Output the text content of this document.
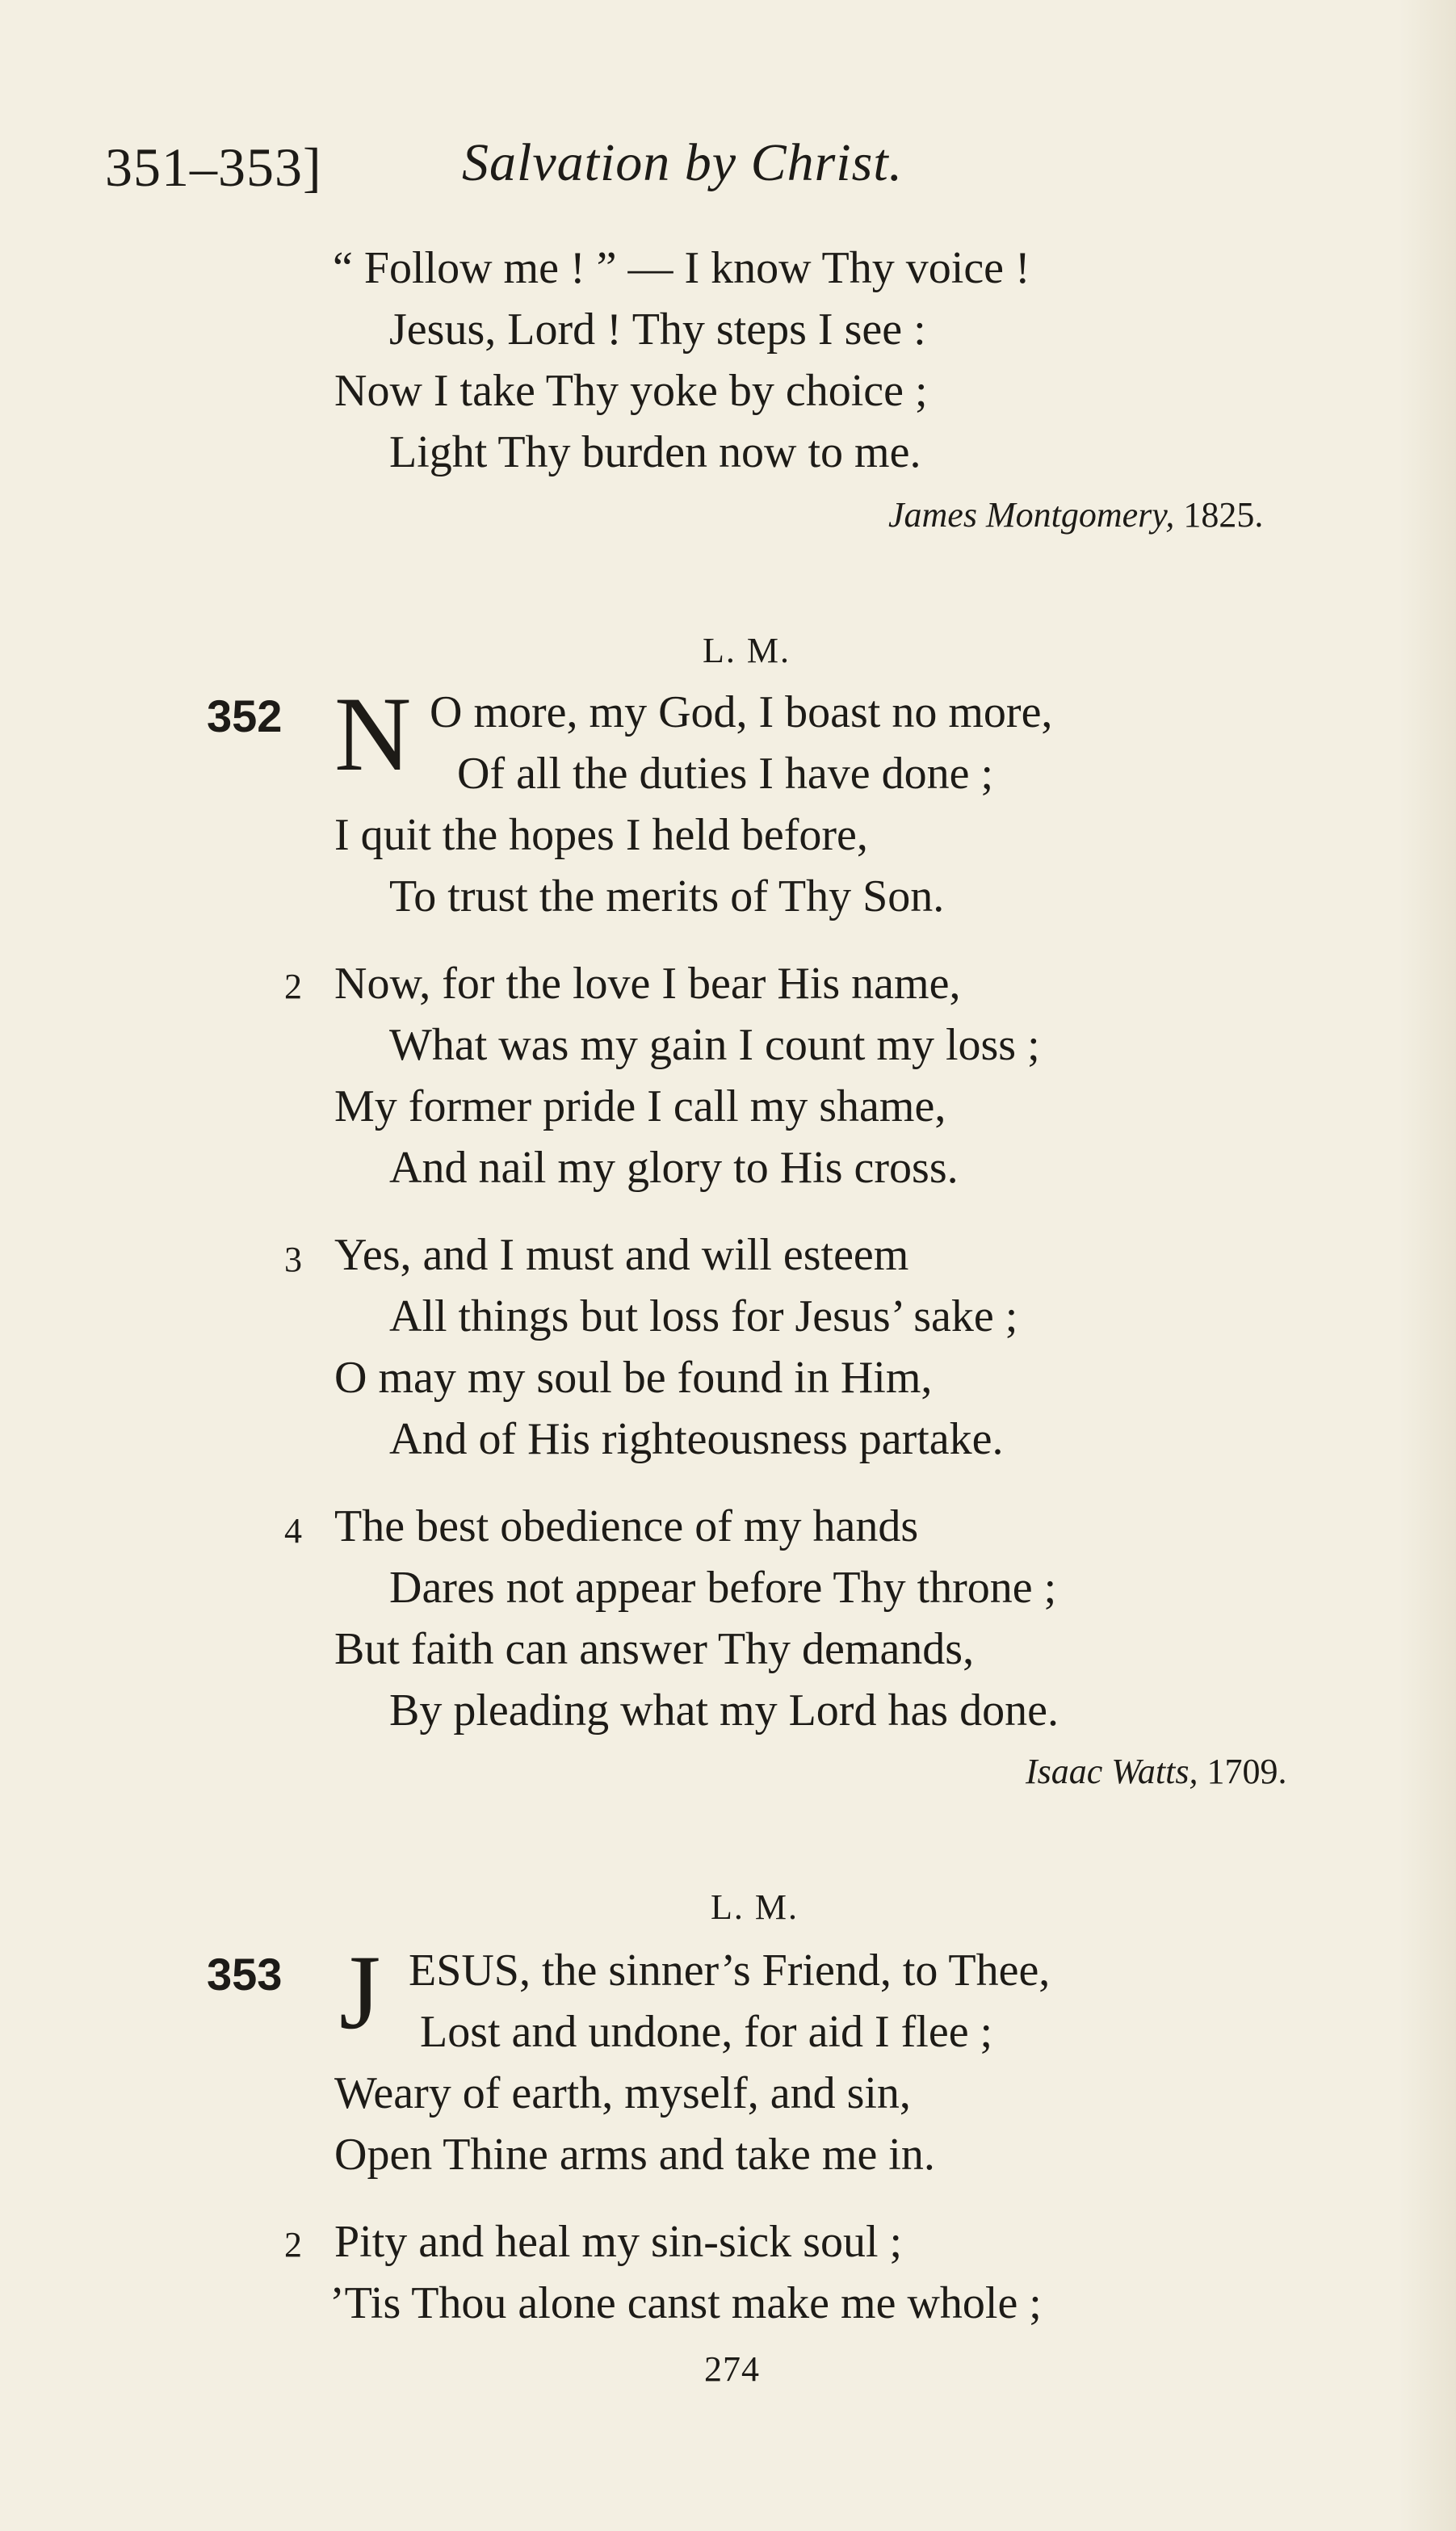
351–353]	Salvation by Christ.
“ Follow me ! ” — I know Thy voice !
Jesus, Lord ! Thy steps I see :
Now I take Thy yoke by choice ;
Light Thy burden now to me.
James Montgomery, 1825.
L. M.
352 N O more, my God, I boast no more,
Of all the duties I have done ;
I quit the hopes I held before,
To trust the merits of Thy Son.
2 Now, for the love I bear His name,
What was my gain I count my loss ;
My former pride I call my shame,
And nail my glory to His cross.
3 Yes, and I must and will esteem
All things but loss for Jesus’ sake ;
O may my soul be found in Him,
And of His righteousness partake.
4 The best obedience of my hands
Dares not appear before Thy throne ;
But faith can answer Thy demands,
By pleading what my Lord has done.
Isaac Watts, 1709.
L. M.
353 J ESUS, the sinner’s Friend, to Thee,
Lost and undone, for aid I flee ;
Weary of earth, myself, and sin,
Open Thine arms and take me in.
2 Pity and heal my sin-sick soul ;
’Tis Thou alone canst make me whole ;
274
